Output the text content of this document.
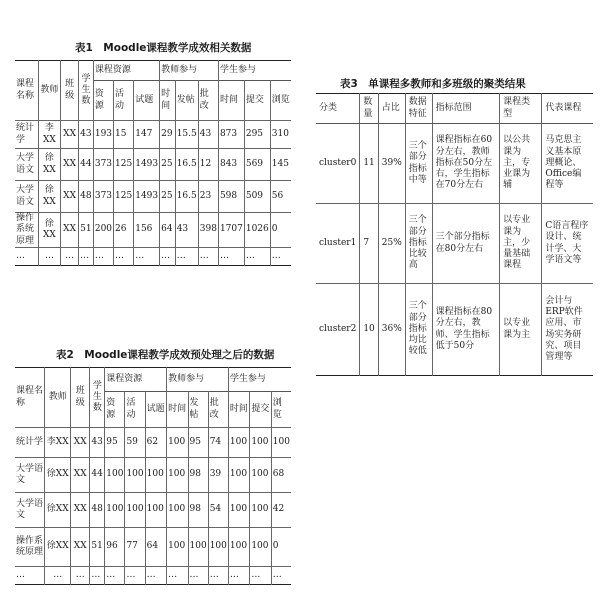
表1　Moodle课程教学成效相关数据
课程名称	教师	班级	学生数	课程资源			教师参与			学生参与		
				资源	活动	试题	时间	发帖	批改	时间	提交	浏览
统计学	李XX	XX	43	193	15	147	29	15.5	43	873	295	310
大学语文	徐XX	XX	44	373	125	1493	25	16.5	12	843	569	145
大学语文	徐XX	XX	48	373	125	1493	25	16.5	23	598	509	56
操作系统原理	徐XX	XX	51	200	26	156	64	43	398	1707	1026	0
…	…	…	…	…	…	…	…	…	…	…	…	…
表2　Moodle课程教学成效预处理之后的数据
课程名称	教师	班级	学生数	课程资源			教师参与			学生参与		
				资源	活动	试题	时间	发帖	批改	时间	提交	浏览
统计学	李XX	XX	43	95	59	62	100	95	74	100	100	100
大学语文	徐XX	XX	44	100	100	100	100	98	39	100	100	68
大学语文	徐XX	XX	48	100	100	100	100	98	54	100	100	42
操作系统原理	徐XX	XX	51	96	77	64	100	100	100	100	100	0
…	…	…	…	…	…	…	…	…	…	…	…	…
表3　单课程多教师和多班级的聚类结果
分类	数量	占比	数据特征	指标范围	课程类型	代表课程
cluster0	11	39%	三个部分指标中等	课程指标在60分左右，教师指标在50分左右，学生指标在70分左右	以公共课为主，专业课为辅	马克思主义基本原理概论、Office编程等
cluster1	7	25%	三个部分指标比较高	三个部分指标在80分左右	以专业课为主，少量基础课程	C语言程序设计、统计学、大学语文等
cluster2	10	36%	三个部分指标均比较低	课程指标在80分左右，教师、学生指标低于50分	以专业课为主	会计与ERP软件应用、市场实务研究、项目管理等
